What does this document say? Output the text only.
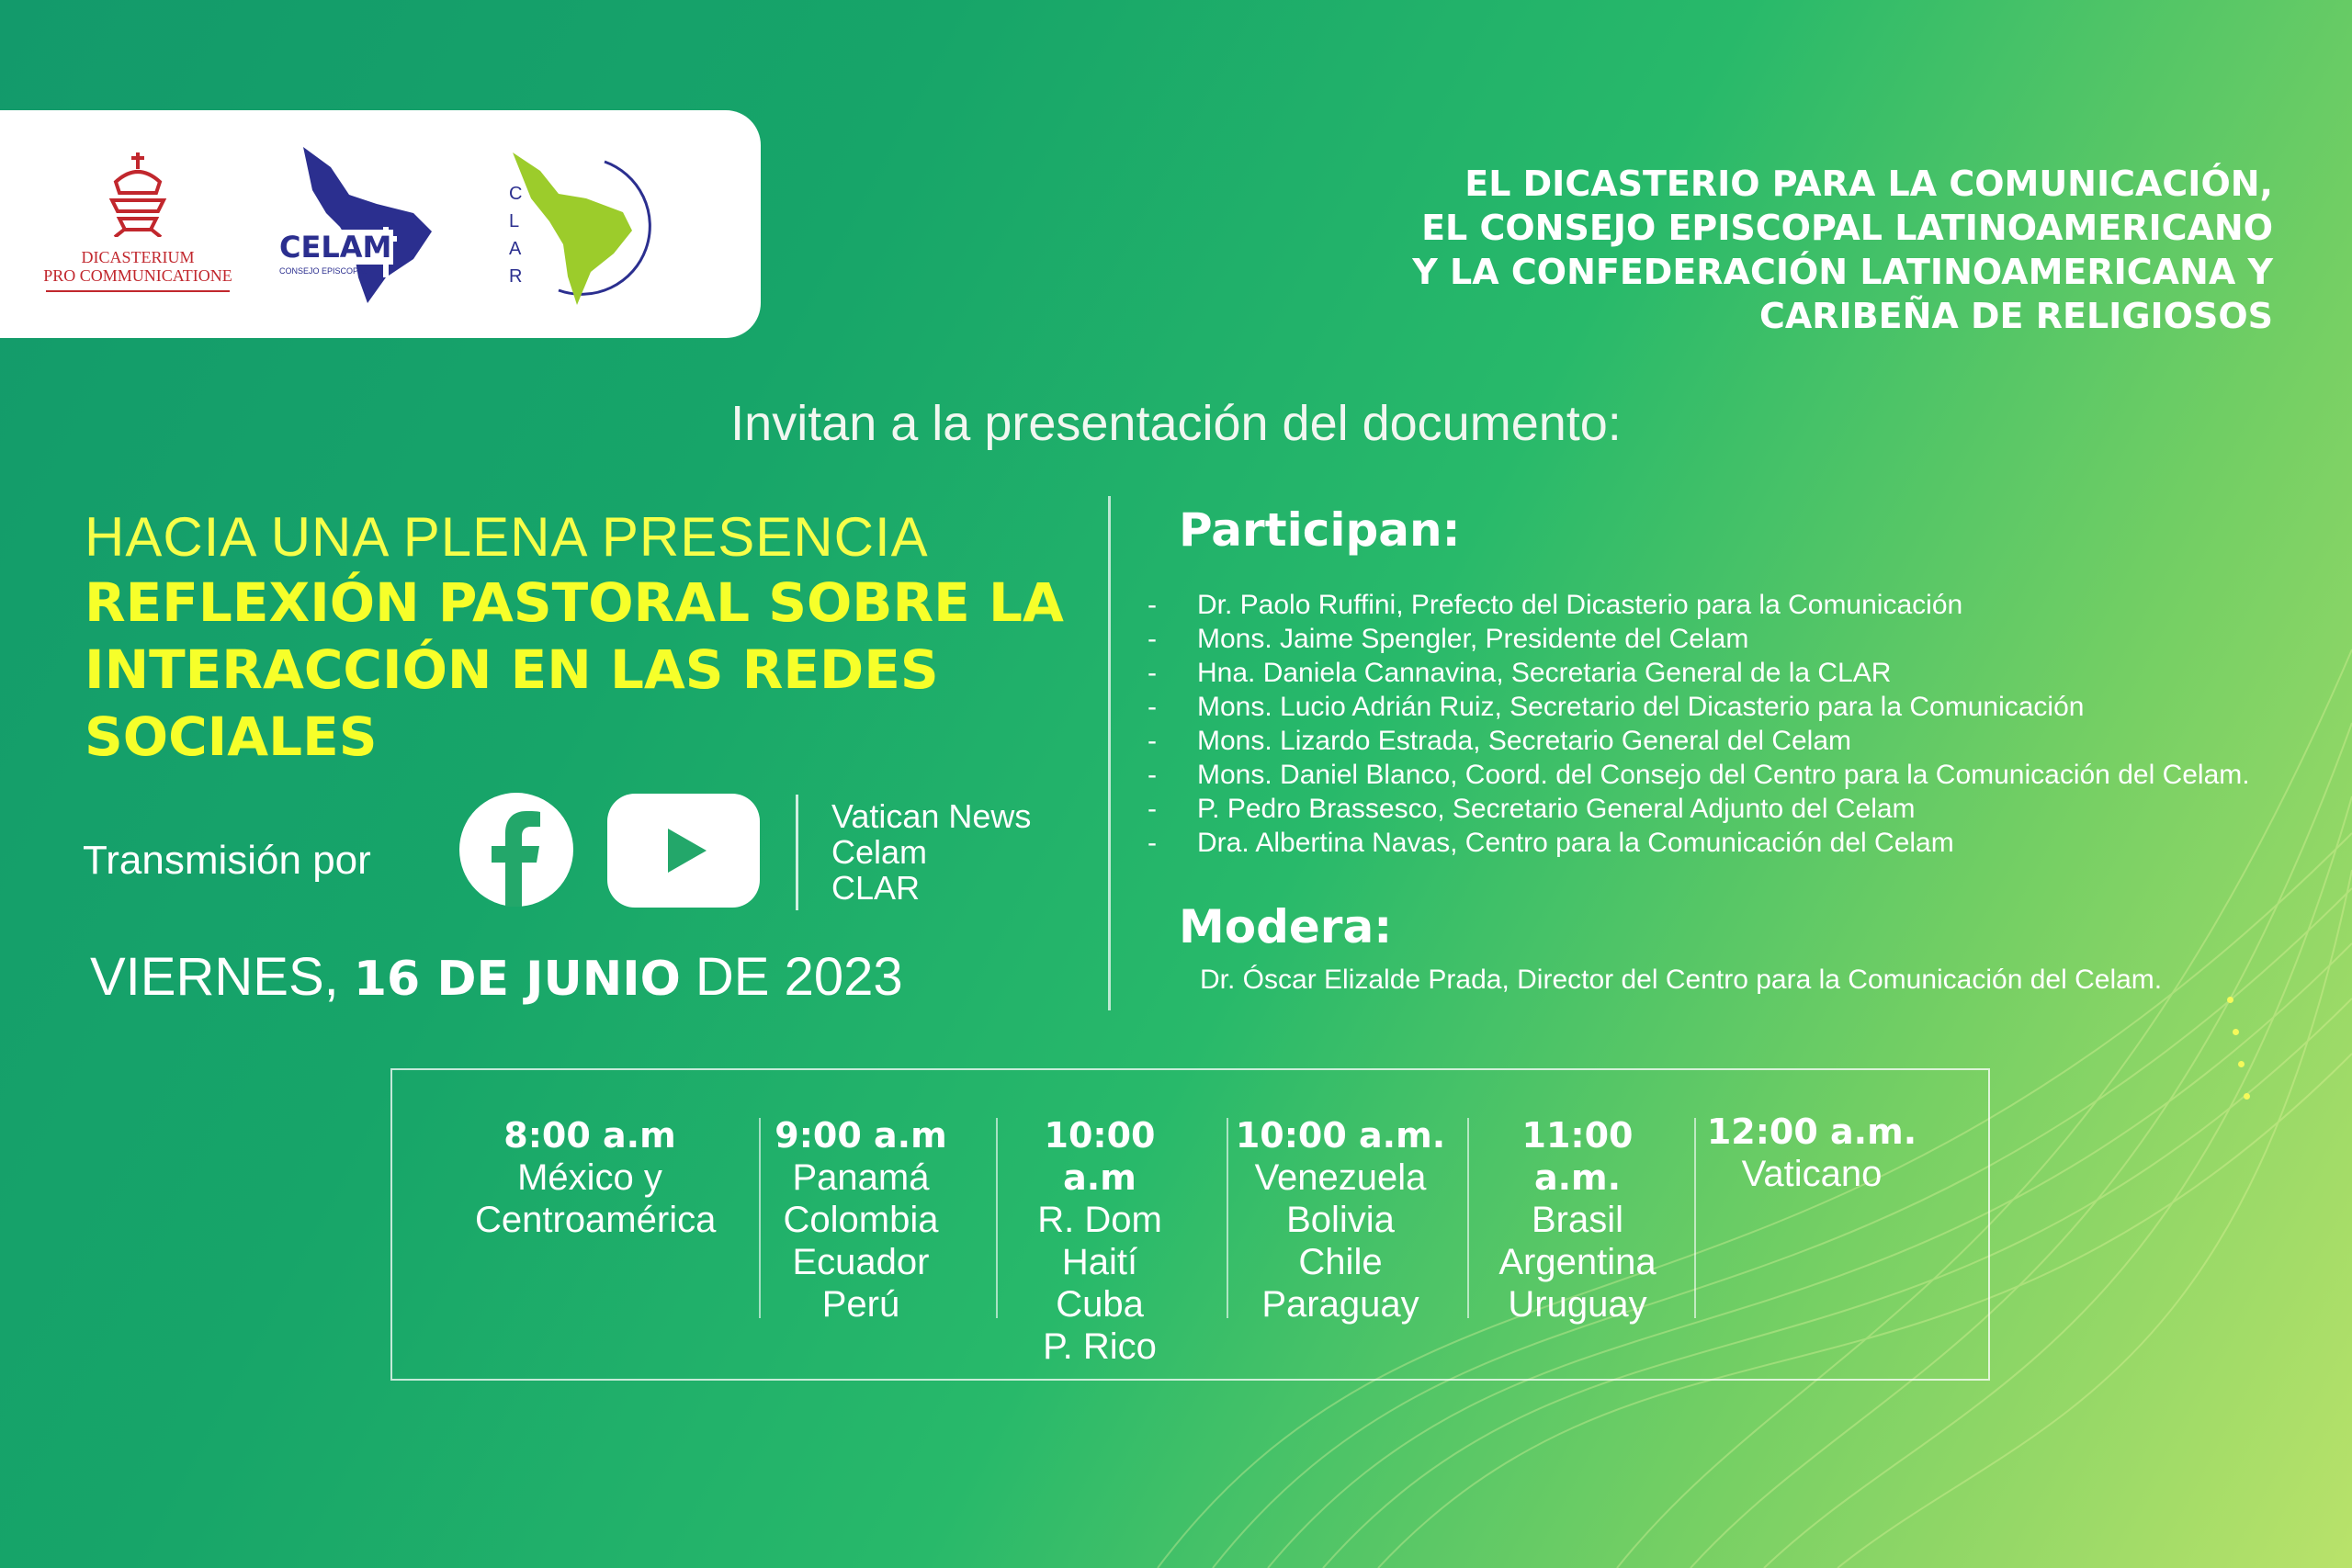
DICASTERIUM
PRO COMMUNICATIONE
CELAM
CONSEJO EPISCOPAL
C L A R
EL DICASTERIO PARA LA COMUNICACIÓN,
EL CONSEJO EPISCOPAL LATINOAMERICANO
Y LA CONFEDERACIÓN LATINOAMERICANA Y
CARIBEÑA DE RELIGIOSOS
Invitan a la presentación del documento:
HACIA UNA PLENA PRESENCIA
REFLEXIÓN PASTORAL SOBRE LA
INTERACCIÓN EN LAS REDES
SOCIALES
Transmisión por
Vatican News
Celam
CLAR
VIERNES, 16 DE JUNIO DE 2023
Participan:
- Dr. Paolo Ruffini, Prefecto del Dicasterio para la Comunicación
- Mons. Jaime Spengler, Presidente del Celam
- Hna. Daniela Cannavina, Secretaria General de la CLAR
- Mons. Lucio Adrián Ruiz, Secretario del Dicasterio para la Comunicación
- Mons. Lizardo Estrada, Secretario General del Celam
- Mons. Daniel Blanco, Coord. del Consejo del Centro para la Comunicación del Celam.
- P. Pedro Brassesco, Secretario General Adjunto del Celam
- Dra. Albertina Navas, Centro para la Comunicación del Celam
Modera:
Dr. Óscar Elizalde Prada, Director del Centro para la Comunicación del Celam.
8:00 a.m
México y
Centroamérica
9:00 a.m
Panamá
Colombia
Ecuador
Perú
10:00 a.m
R. Dom
Haití
Cuba
P. Rico
10:00 a.m.
Venezuela
Bolivia
Chile
Paraguay
11:00 a.m.
Brasil
Argentina
Uruguay
12:00 a.m.
Vaticano
